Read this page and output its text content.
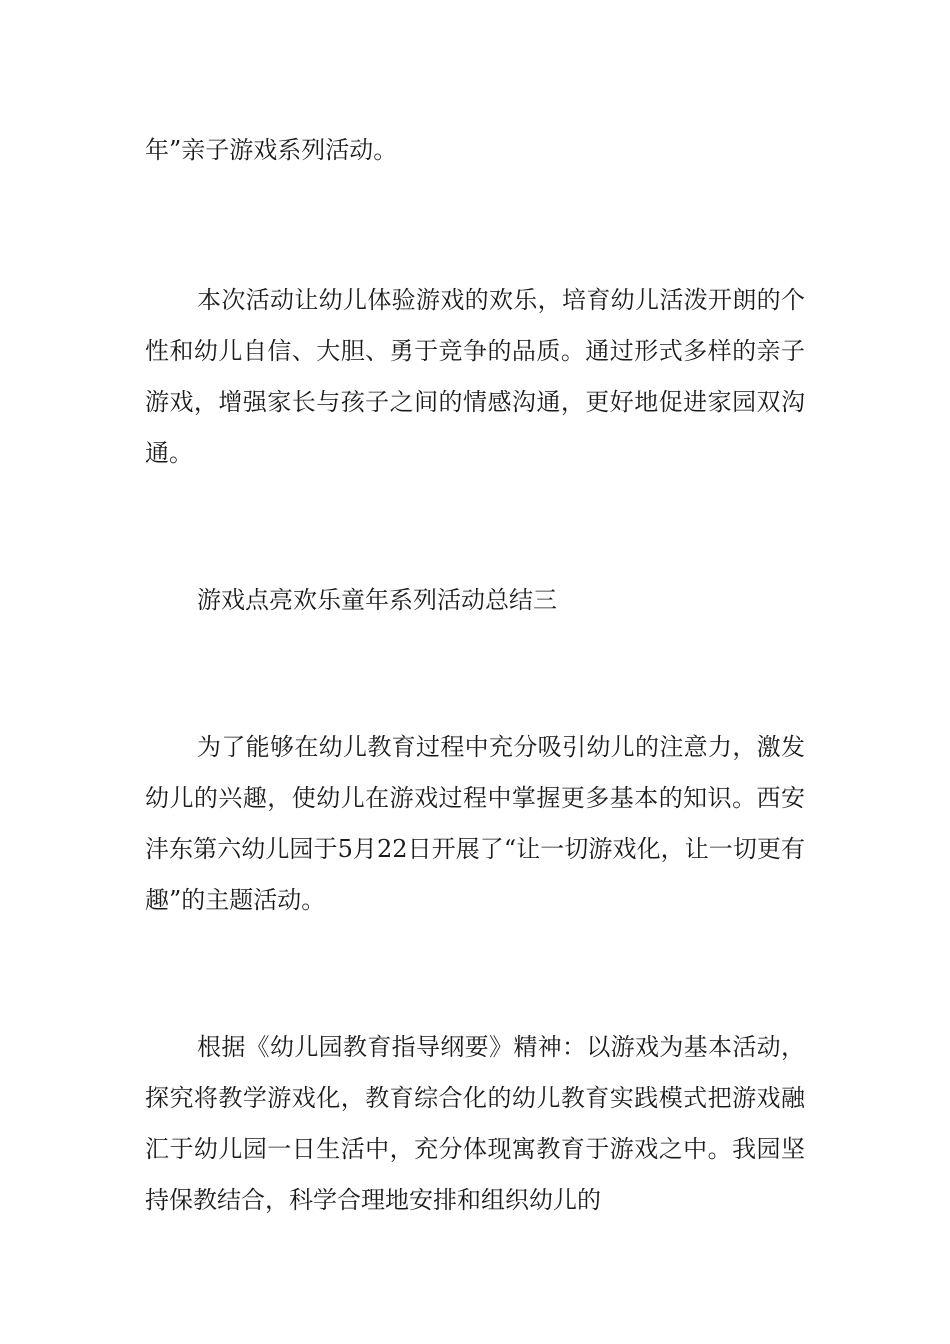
年”亲子游戏系列活动。

本次活动让幼儿体验游戏的欢乐，培育幼儿活泼开朗的个性和幼儿自信、大胆、勇于竞争的品质。通过形式多样的亲子游戏，增强家长与孩子之间的情感沟通，更好地促进家园双沟通。

游戏点亮欢乐童年系列活动总结三

为了能够在幼儿教育过程中充分吸引幼儿的注意力，激发幼儿的兴趣，使幼儿在游戏过程中掌握更多基本的知识。西安沣东第六幼儿园于5月22日开展了“让一切游戏化，让一切更有趣”的主题活动。

根据《幼儿园教育指导纲要》精神：以游戏为基本活动，探究将教学游戏化，教育综合化的幼儿教育实践模式把游戏融汇于幼儿园一日生活中，充分体现寓教育于游戏之中。我园坚持保教结合，科学合理地安排和组织幼儿的
